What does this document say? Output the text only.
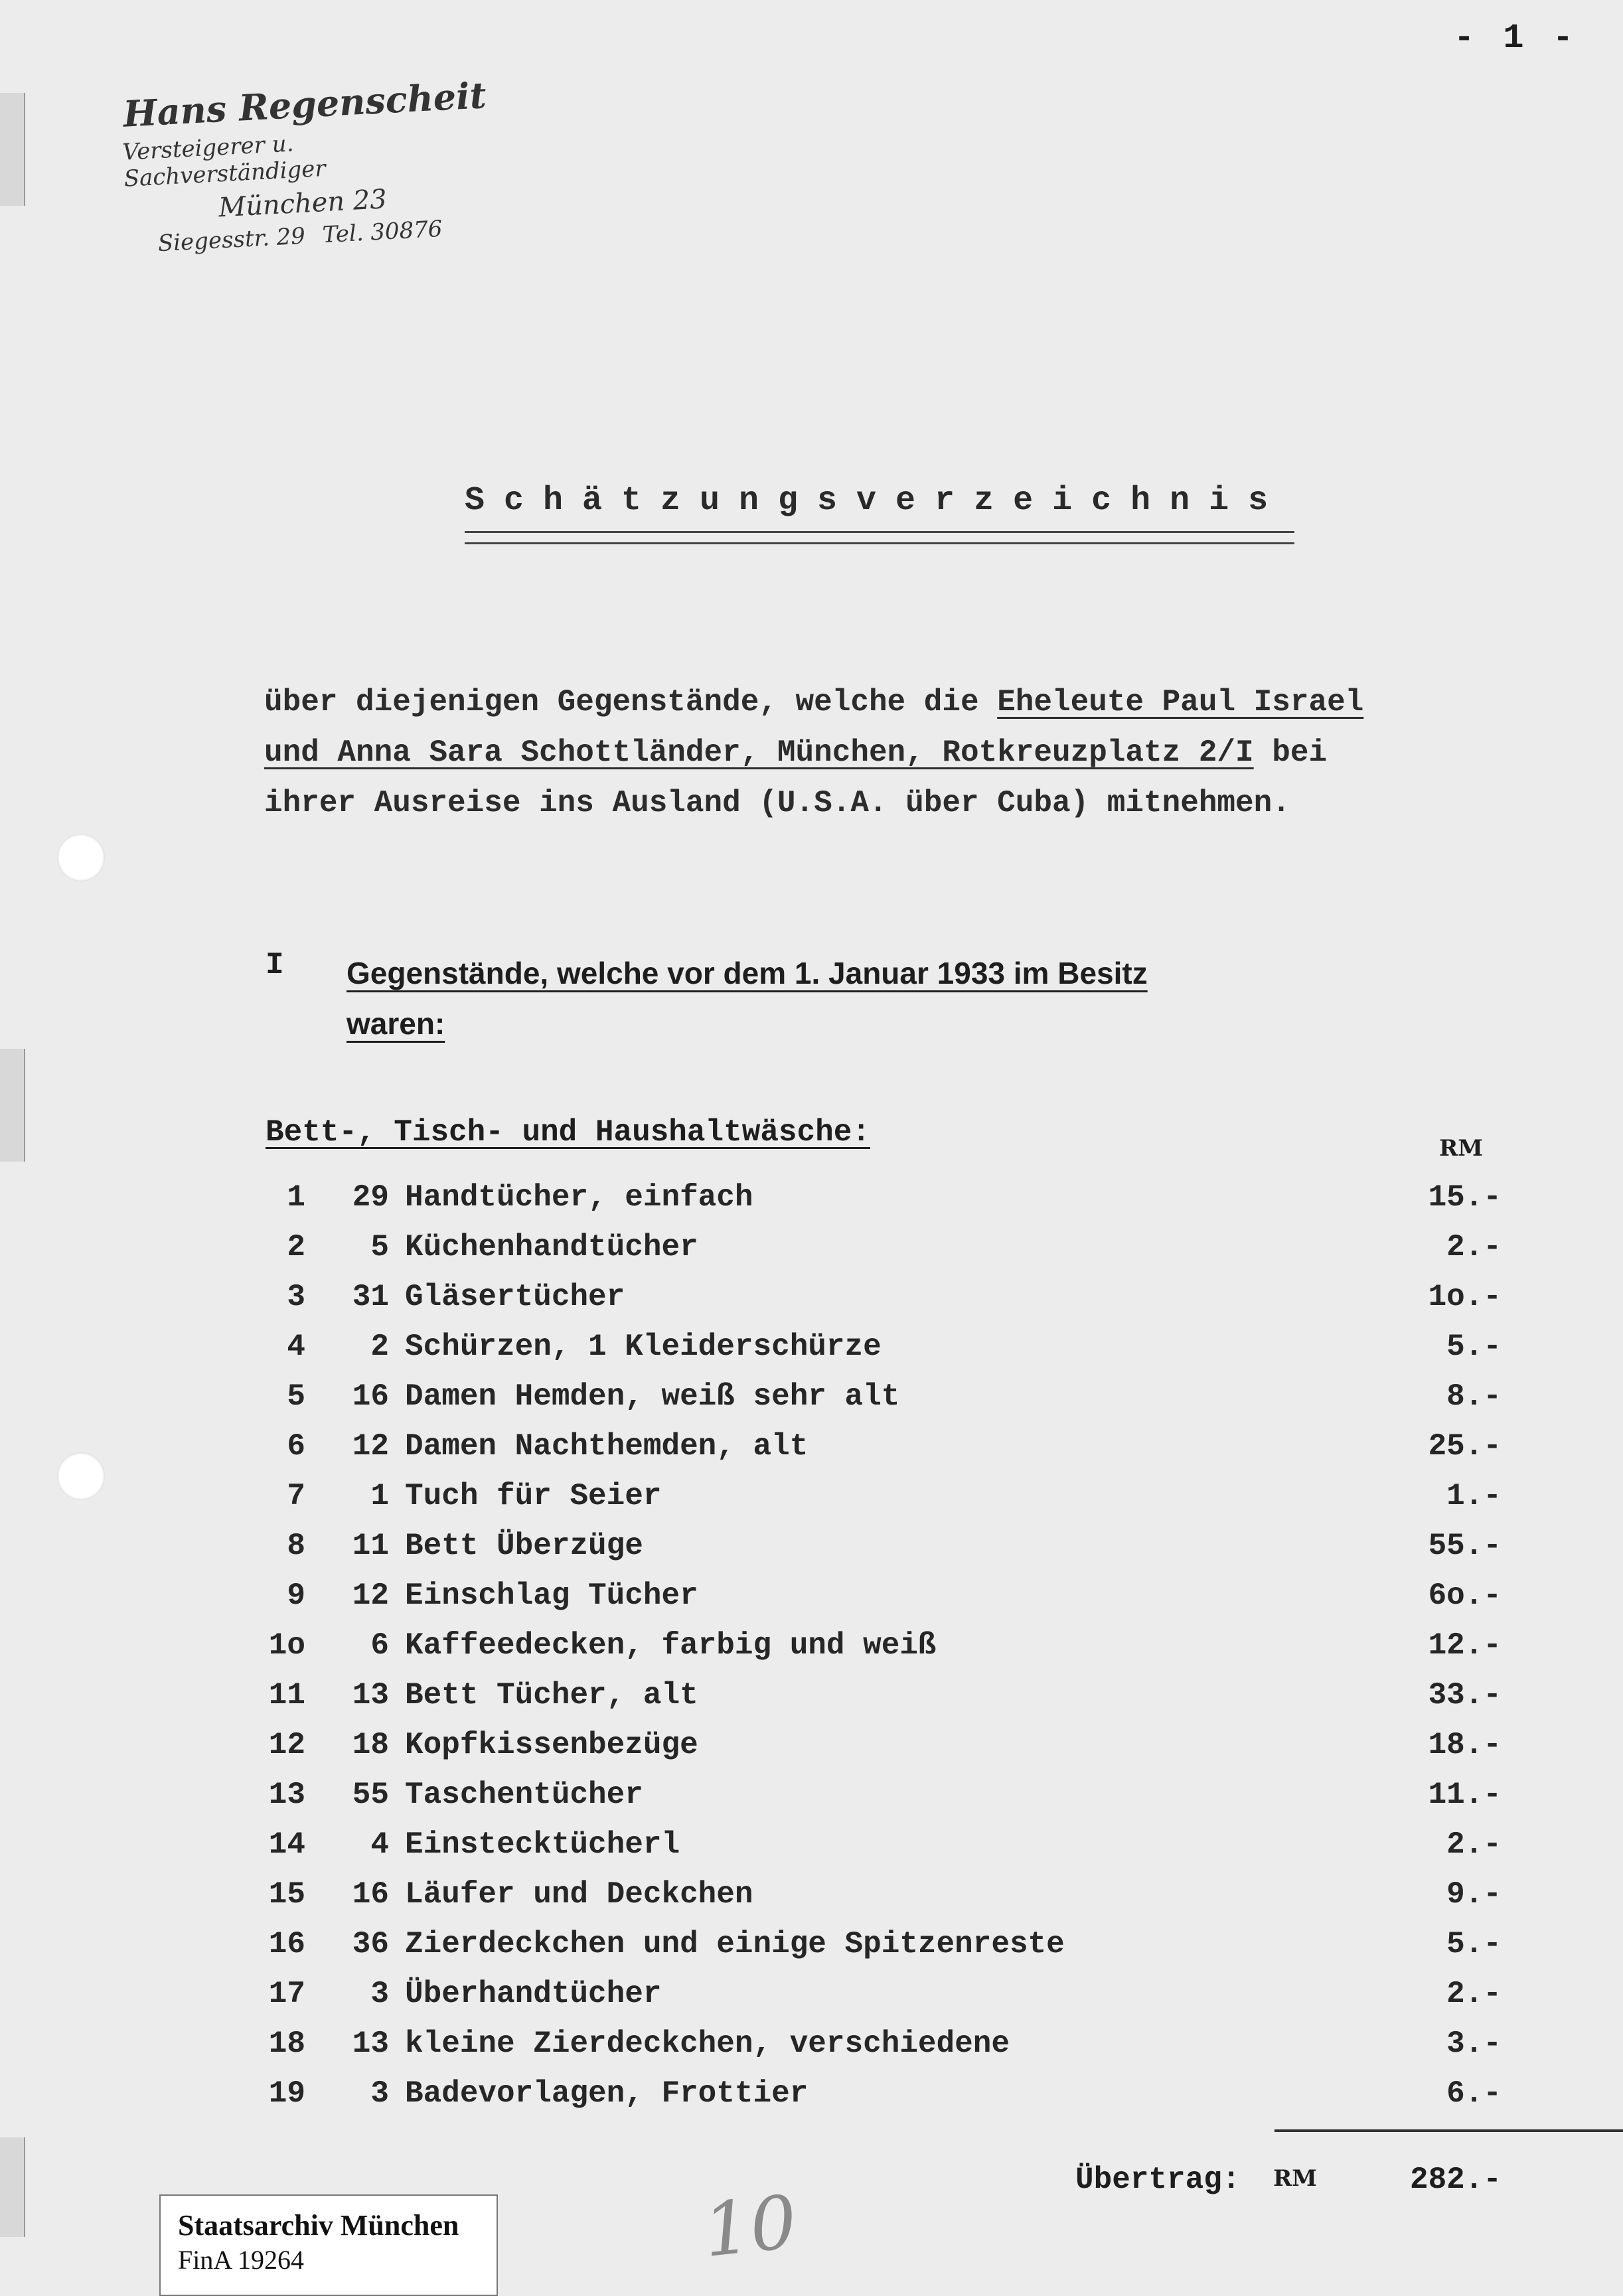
- 1 -
Hans Regenscheit
Versteigerer u. Sachverständiger
München 23
Siegesstr. 29 Tel. 30876
Schätzungsverzeichnis
über diejenigen Gegenstände, welche die Eheleute Paul Israel
und Anna Sara Schottländer, München, Rotkreuzplatz 2/I bei
ihrer Ausreise ins Ausland (U.S.A. über Cuba) mitnehmen.
I Gegenstände, welche vor dem 1. Januar 1933 im Besitz
waren:
Bett-, Tisch- und Haushaltwäsche:	RM
1	29 Handtücher, einfach	15.-
2	5 Küchenhandtücher	2.-
3	31 Gläsertücher	1o.-
4	2 Schürzen, 1 Kleiderschürze	5.-
5	16 Damen Hemden, weiß sehr alt	8.-
6	12 Damen Nachthemden, alt	25.-
7	1 Tuch für Seier	1.-
8	11 Bett Überzüge	55.-
9	12 Einschlag Tücher	6o.-
1o	6 Kaffeedecken, farbig und weiß	12.-
11	13 Bett Tücher, alt	33.-
12	18 Kopfkissenbezüge	18.-
13	55 Taschentücher	11.-
14	4 Einstecktücherl	2.-
15	16 Läufer und Deckchen	9.-
16	36 Zierdeckchen und einige Spitzenreste	5.-
17	3 Überhandtücher	2.-
18	13 kleine Zierdeckchen, verschiedene	3.-
19	3 Badevorlagen, Frottier	6.-
Übertrag: RM	282.-
10
Staatsarchiv München
FinA 19264
